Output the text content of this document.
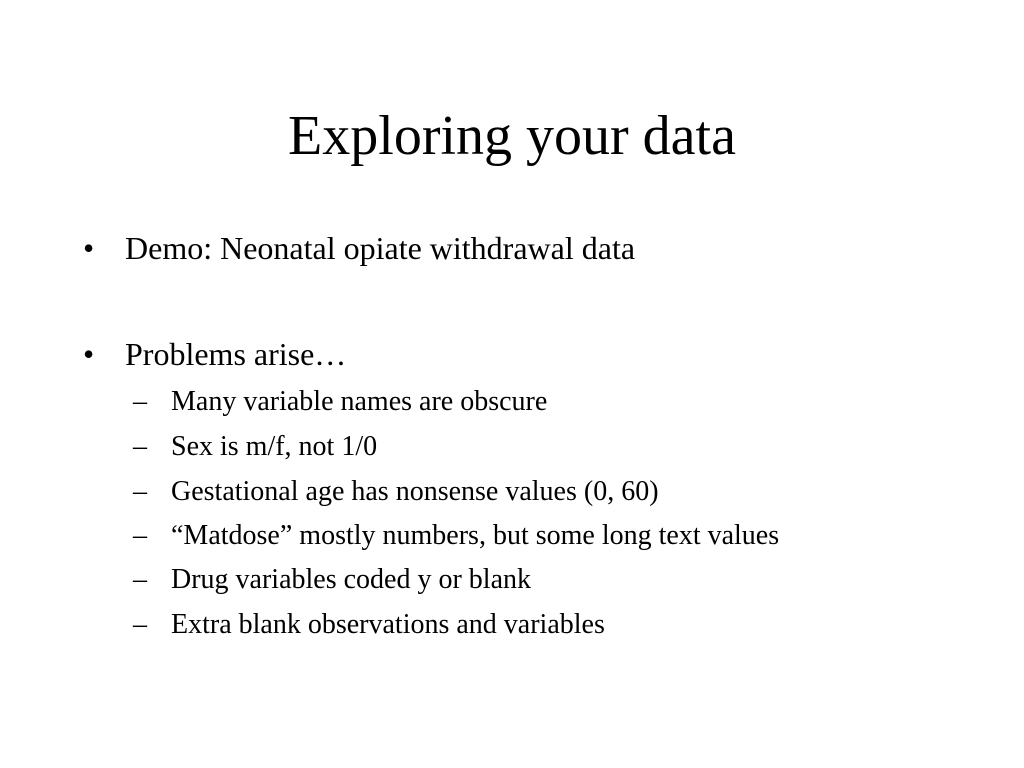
Exploring your data
• Demo: Neonatal opiate withdrawal data
• Problems arise…
– Many variable names are obscure
– Sex is m/f, not 1/0
– Gestational age has nonsense values (0, 60)
– “Matdose” mostly numbers, but some long text values
– Drug variables coded y or blank
– Extra blank observations and variables
